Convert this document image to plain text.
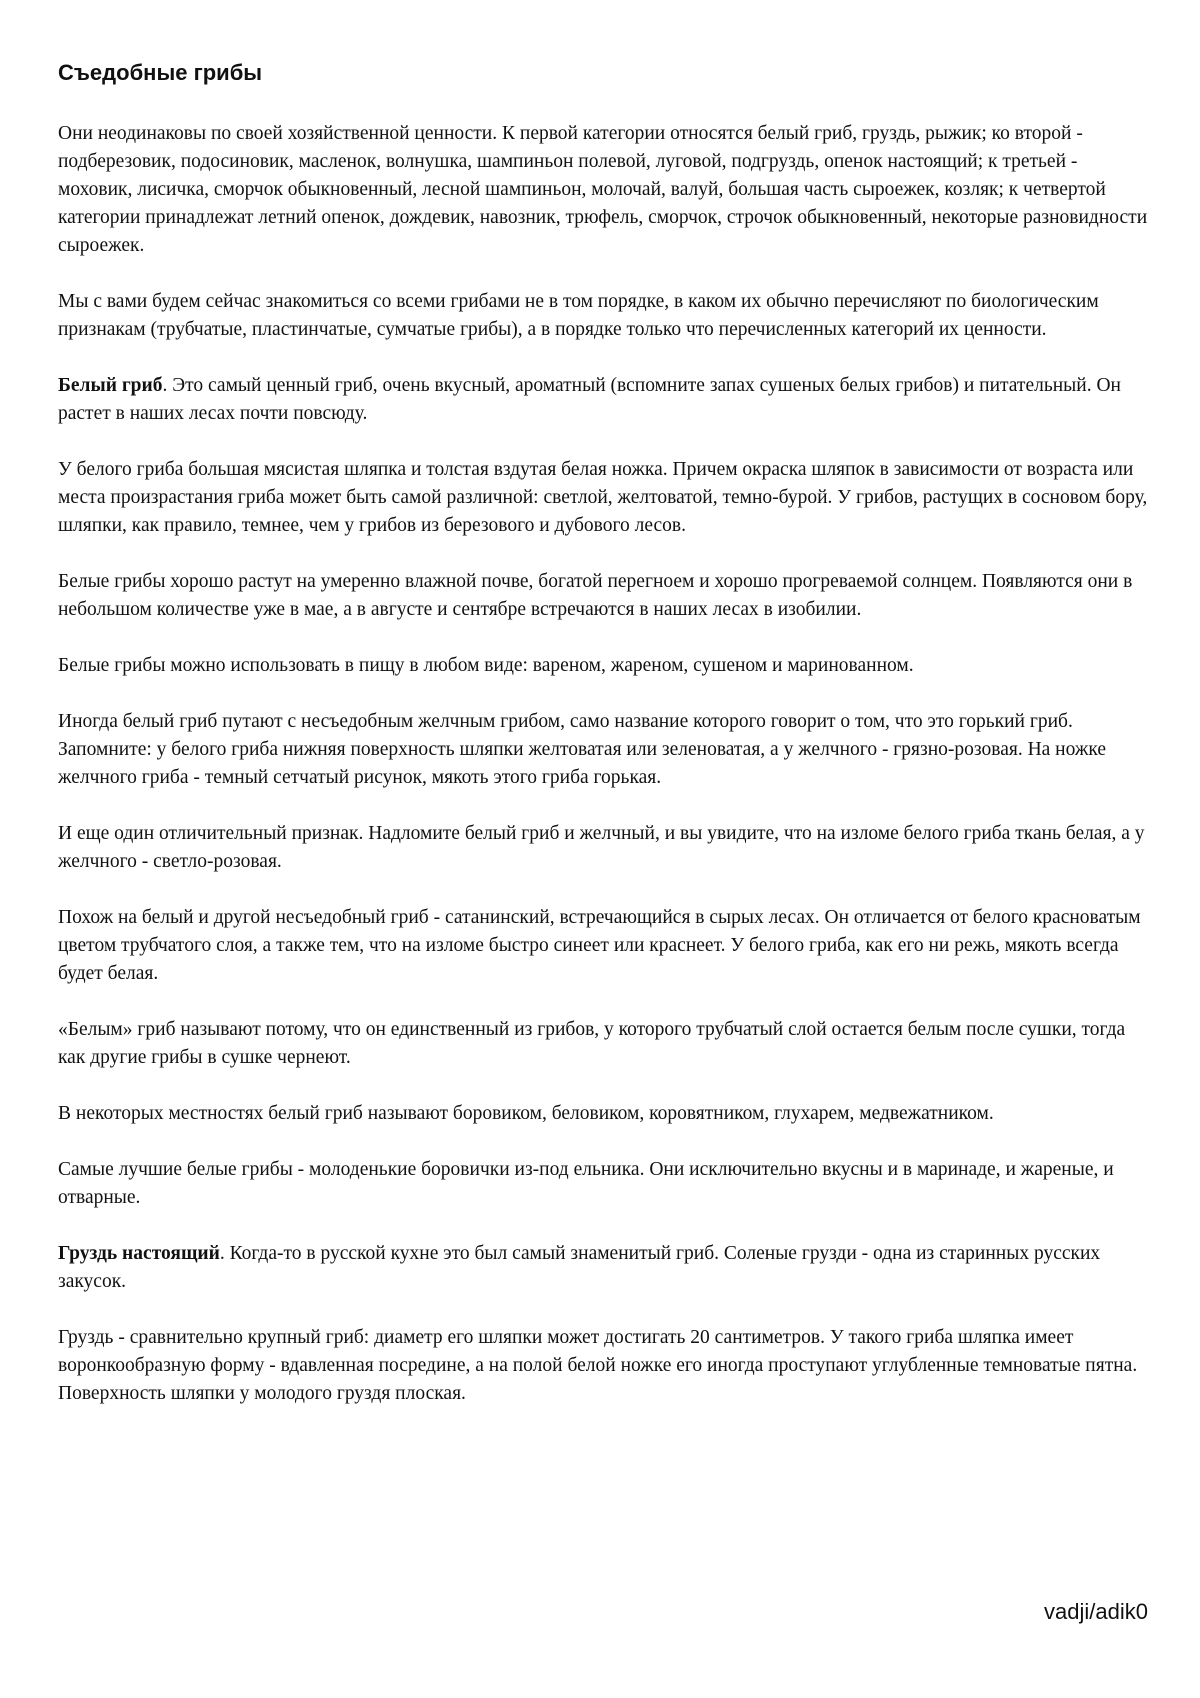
Съедобные грибы

Они неодинаковы по своей хозяйственной ценности. К первой категории относятся белый гриб, груздь, рыжик; ко второй - подберезовик, подосиновик, масленок, волнушка, шампиньон полевой, луговой, подгруздь, опенок настоящий; к третьей - моховик, лисичка, сморчок обыкновенный, лесной шампиньон, молочай, валуй, большая часть сыроежек, козляк; к четвертой категории принадлежат летний опенок, дождевик, навозник, трюфель, сморчок, строчок обыкновенный, некоторые разновидности сыроежек.

Мы с вами будем сейчас знакомиться со всеми грибами не в том порядке, в каком их обычно перечисляют по биологическим признакам (трубчатые, пластинчатые, сумчатые грибы), а в порядке только что перечисленных категорий их ценности.

Белый гриб. Это самый ценный гриб, очень вкусный, ароматный (вспомните запах сушеных белых грибов) и питательный. Он растет в наших лесах почти повсюду.

У белого гриба большая мясистая шляпка и толстая вздутая белая ножка. Причем окраска шляпок в зависимости от возраста или места произрастания гриба может быть самой различной: светлой, желтоватой, темно-бурой. У грибов, растущих в сосновом бору, шляпки, как правило, темнее, чем у грибов из березового и дубового лесов.

Белые грибы хорошо растут на умеренно влажной почве, богатой перегноем и хорошо прогреваемой солнцем. Появляются они в небольшом количестве уже в мае, а в августе и сентябре встречаются в наших лесах в изобилии.

Белые грибы можно использовать в пищу в любом виде: вареном, жареном, сушеном и маринованном.

Иногда белый гриб путают с несъедобным желчным грибом, само название которого говорит о том, что это горький гриб. Запомните: у белого гриба нижняя поверхность шляпки желтоватая или зеленоватая, а у желчного - грязно-розовая. На ножке желчного гриба - темный сетчатый рисунок, мякоть этого гриба горькая.

И еще один отличительный признак. Надломите белый гриб и желчный, и вы увидите, что на изломе белого гриба ткань белая, а у желчного - светло-розовая.

Похож на белый и другой несъедобный гриб - сатанинский, встречающийся в сырых лесах. Он отличается от белого красноватым цветом трубчатого слоя, а также тем, что на изломе быстро синеет или краснеет. У белого гриба, как его ни режь, мякоть всегда будет белая.

«Белым» гриб называют потому, что он единственный из грибов, у которого трубчатый слой остается белым после сушки, тогда как другие грибы в сушке чернеют.

В некоторых местностях белый гриб называют боровиком, беловиком, коровятником, глухарем, медвежатником.

Самые лучшие белые грибы - молоденькие боровички из-под ельника. Они исключительно вкусны и в маринаде, и жареные, и отварные.

Груздь настоящий. Когда-то в русской кухне это был самый знаменитый гриб. Соленые грузди - одна из старинных русских закусок.

Груздь - сравнительно крупный гриб: диаметр его шляпки может достигать 20 сантиметров. У такого гриба шляпка имеет воронкообразную форму - вдавленная посредине, а на полой белой ножке его иногда проступают углубленные темноватые пятна. Поверхность шляпки у молодого груздя плоская.

vadji/adik0
